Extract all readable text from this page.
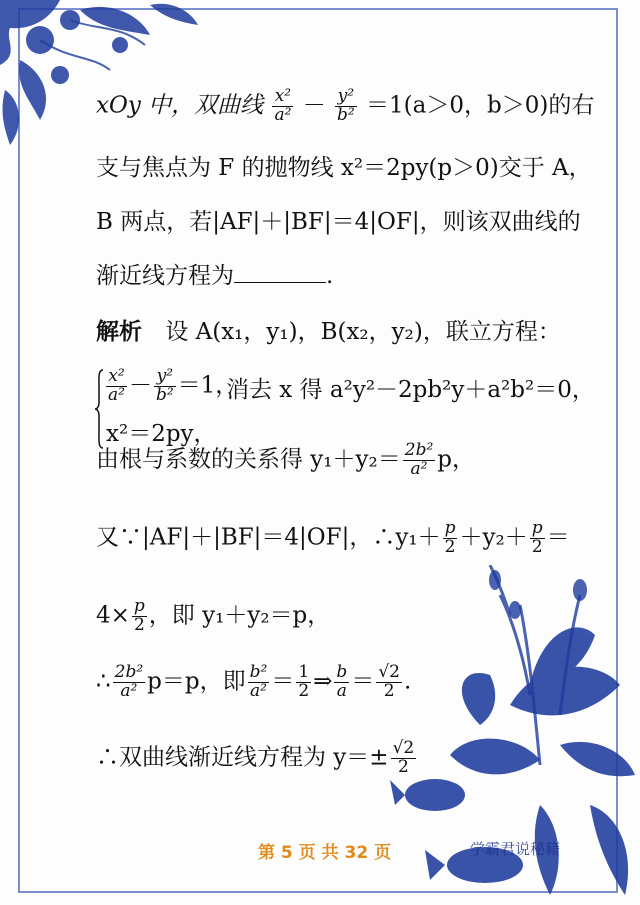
xOy 中，双曲线 $\frac{\text{x²}}{\text{a²}} - \frac{\text{y²}}{\text{b²}} =1(a>0$，b＞0)的右
支与焦点为 F 的抛物线 x²＝2py(p＞0)交于 A，
B 两点，若|AF|＋|BF|＝4|OF|，则该双曲线的
渐近线方程为	.
解析 设 A(x₁，y₁)，B(x₂，y₂)，联立方程：
$\frac{\text{x²}}{\text{a²}} - \frac{\text{y²}}{\text{b²}} =1$，
x²＝2py，
消去 x 得 a²y²－2pb²y＋a²b²＝0，
由根与系数的关系得 $y_1+y_2= \frac{\text{2b²}}{\text{a²}}$ p，
又∵|AF|＋|BF|＝4|OF|，∴y₁＋ $\frac{p}{2} +y_2+ \frac{p}{2}$ ＝
$4\times \frac{p}{2}$ ，即 y₁＋y₂＝p，
∴ $\frac{\text{2b²}}{\text{a²}} p=p$，即 $\frac{\text{b²}}{\text{a²}} = \frac{1}{2}$ ⇒ $\frac{b}{a} = \frac{√2}{2}$ .
∴双曲线渐近线方程为 $y=\pm \frac{√2}{2}$
第 5 页 共 32 页	学霸君说秘籍
